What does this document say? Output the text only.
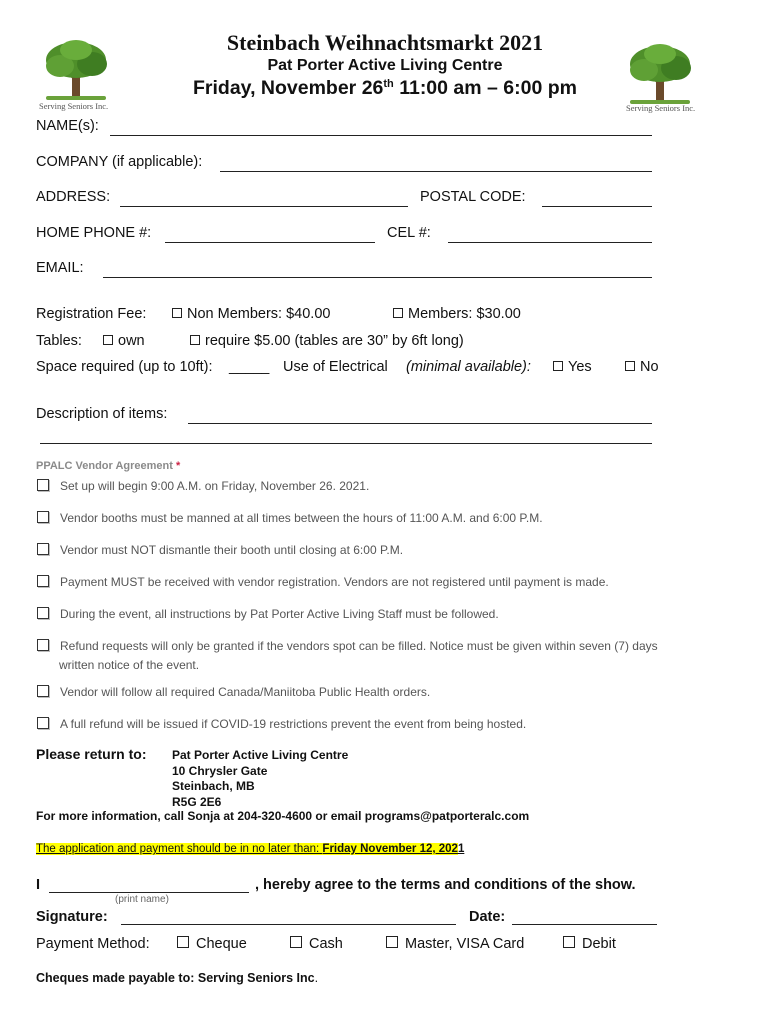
Serving Seniors Inc.	Serving Seniors Inc.
Steinbach Weihnachtsmarkt 2021
Pat Porter Active Living Centre
Friday, November 26th 11:00 am – 6:00 pm
NAME(s):
COMPANY (if applicable):
ADDRESS:	POSTAL CODE:
HOME PHONE #:	CEL #:
EMAIL:
Registration Fee:	Non Members: $40.00	Members: $30.00
Tables:	own	require $5.00 (tables are 30” by 6ft long)
Space required (up to 10ft): _____ Use of Electrical (minimal available):	Yes	No
Description of items:
PPALC Vendor Agreement *
Set up will begin 9:00 A.M. on Friday, November 26. 2021.
Vendor booths must be manned at all times between the hours of 11:00 A.M. and 6:00 P.M.
Vendor must NOT dismantle their booth until closing at 6:00 P.M.
Payment MUST be received with vendor registration. Vendors are not registered until payment is made.
During the event, all instructions by Pat Porter Active Living Staff must be followed.
Refund requests will only be granted if the vendors spot can be filled. Notice must be given within seven (7) days
written notice of the event.
Vendor will follow all required Canada/Maniitoba Public Health orders.
A full refund will be issued if COVID-19 restrictions prevent the event from being hosted.
Please return to: Pat Porter Active Living Centre
10 Chrysler Gate
Steinbach, MB
R5G 2E6
For more information, call Sonja at 204-320-4600 or email programs@patporteralc.com
The application and payment should be in no later than: Friday November 12, 2021
I	, hereby agree to the terms and conditions of the show.
(print name)
Signature:	Date:
Payment Method:	Cheque	Cash	Master, VISA Card	Debit
Cheques made payable to: Serving Seniors Inc.
